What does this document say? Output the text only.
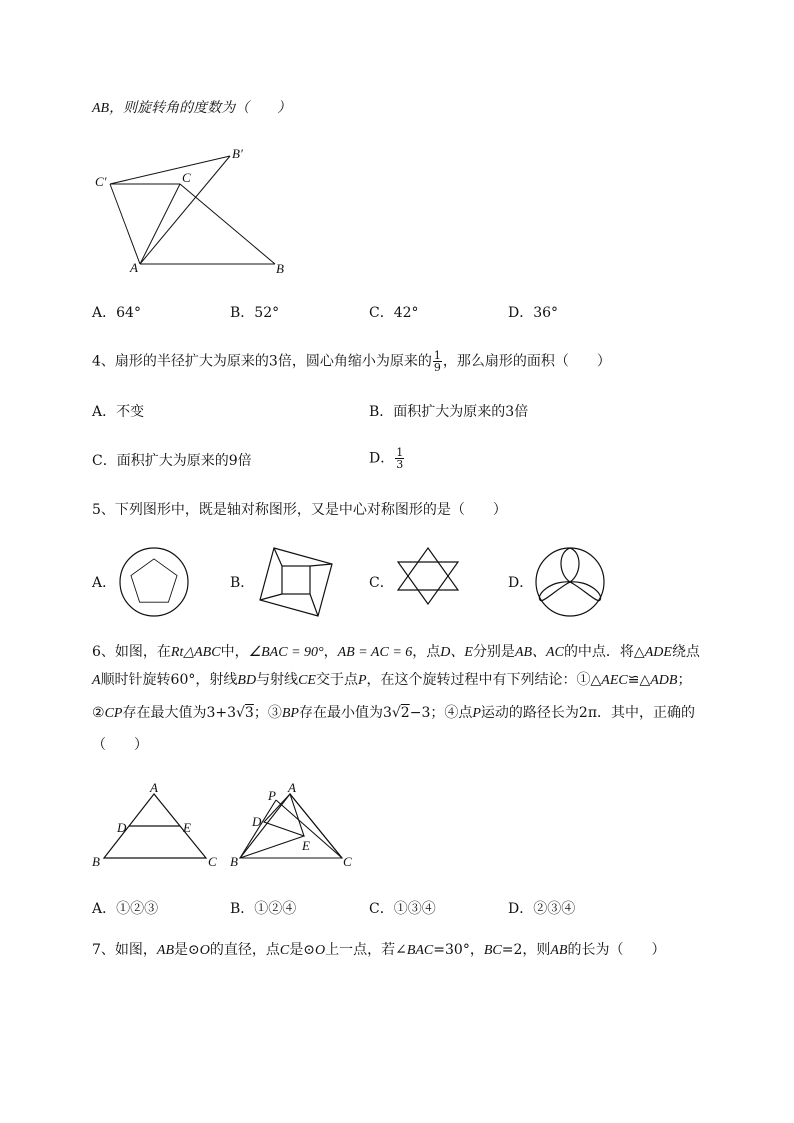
AB，则旋转角的度数为（　　）
C′	C
B′
A	B
A．64°	B．52°	C．42°	D．36°
4、扇形的半径扩大为原来的3倍，圆心角缩小为原来的 $\frac{1}{9}$ ，那么扇形的面积（　　）
A．不变	B．面积扩大为原来的3倍
C．面积扩大为原来的9倍	D． $\frac{1}{3}$
5、下列图形中，既是轴对称图形，又是中心对称图形的是（　　）
A．	B．	C．	D．
6、如图，在Rt△ABC中，∠BAC = 90°，AB = AC = 6，点D、E分别是AB、AC的中点．将△ADE绕点
A顺时针旋转60°，射线BD与射线CE交于点P，在这个旋转过程中有下列结论：①△AEC≌△ADB；
②CP存在最大值为3+3√3；③BP存在最小值为3√2−3；④点P运动的路径长为2π．其中，正确的
（　　）
A
D	E
B	C
P
A
D
E
B	C
A．①②③	B．①②④	C．①③④	D．②③④
7、如图，AB是⊙O的直径，点C是⊙O上一点，若∠BAC=30°，BC=2，则AB的长为（　　）
